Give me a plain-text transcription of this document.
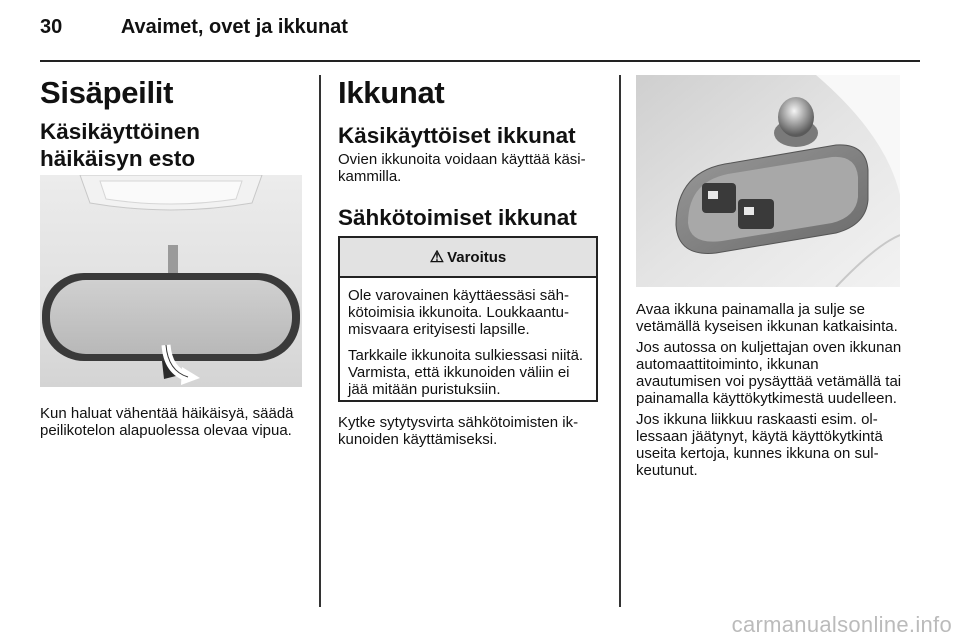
30	Avaimet, ovet ja ikkunat
Sisäpeilit
Käsikäyttöinen häikäisyn esto

Kun haluat vähentää häikäisyä, säädä peilikotelon alapuolessa olevaa vipua.

Ikkunat
Käsikäyttöiset ikkunat

Ovien ikkunoita voidaan käyttää käsikammilla.

Sähkötoimiset ikkunat
⚠ Varoitus

Ole varovainen käyttäessäsi sähkötoimisia ikkunoita. Loukkaantumisvaara erityisesti lapsille.

Tarkkaile ikkunoita sulkiessasi niitä. Varmista, että ikkunoiden väliin ei jää mitään puristuksiin.

Kytke sytytysvirta sähkötoimisten ikkunoiden käyttämiseksi.

Avaa ikkuna painamalla ja sulje se vetämällä kyseisen ikkunan katkaisinta.

Jos autossa on kuljettajan oven ikkunan automaattitoiminto, ikkunan avautumisen voi pysäyttää vetämällä tai painamalla käyttökytkimestä uudelleen.

Jos ikkuna liikkuu raskaasti esim. ollessaan jäätynyt, käytä käyttökytkintä useita kertoja, kunnes ikkuna on sulkeutunut.

carmanualsonline.info
